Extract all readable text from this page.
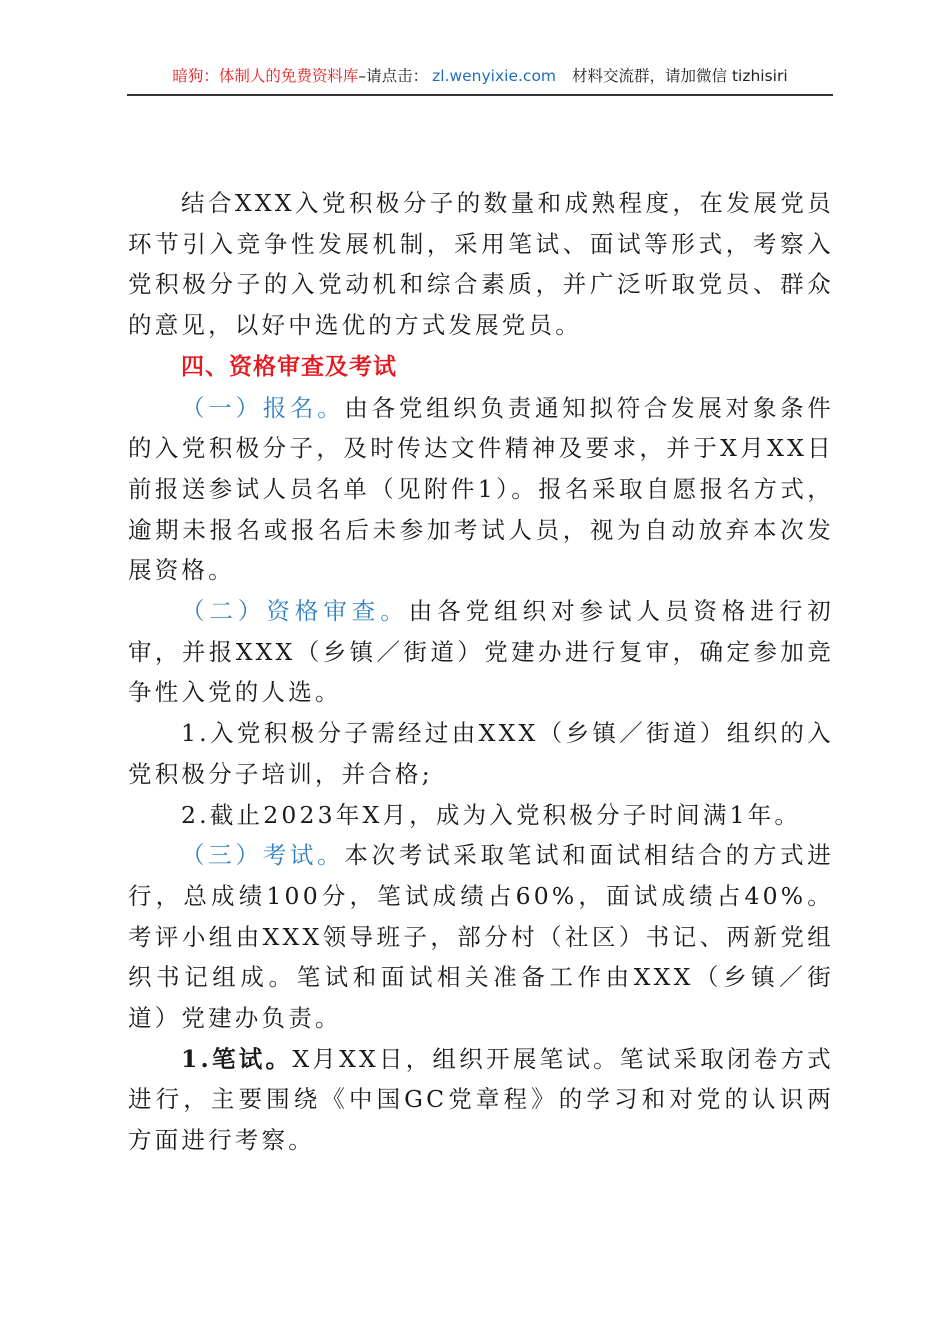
暗狗：体制人的免费资料库 –请点击： zl.wenyixie.com 材料交流群，请加微信 tizhisiri

结合XXX入党积极分子的数量和成熟程度，在发展党员环节引入竞争性发展机制，采用笔试、面试等形式，考察入党积极分子的入党动机和综合素质，并广泛听取党员、群众的意见，以好中选优的方式发展党员。

四、资格审查及考试

（一）报名。由各党组织负责通知拟符合发展对象条件的入党积极分子，及时传达文件精神及要求，并于X月XX日前报送参试人员名单（见附件1）。报名采取自愿报名方式，逾期未报名或报名后未参加考试人员，视为自动放弃本次发展资格。

（二）资格审查。由各党组织对参试人员资格进行初审，并报XXX（乡镇／街道）党建办进行复审，确定参加竞争性入党的人选。

1.入党积极分子需经过由XXX（乡镇／街道）组织的入党积极分子培训，并合格;

2.截止2023年X月，成为入党积极分子时间满1年。

（三）考试。本次考试采取笔试和面试相结合的方式进行，总成绩100分，笔试成绩占60%，面试成绩占40%。考评小组由XXX领导班子，部分村（社区）书记、两新党组织书记组成。笔试和面试相关准备工作由XXX（乡镇／街道）党建办负责。

1.笔试。X月XX日，组织开展笔试。笔试采取闭卷方式进行，主要围绕《中国GC党章程》的学习和对党的认识两方面进行考察。
